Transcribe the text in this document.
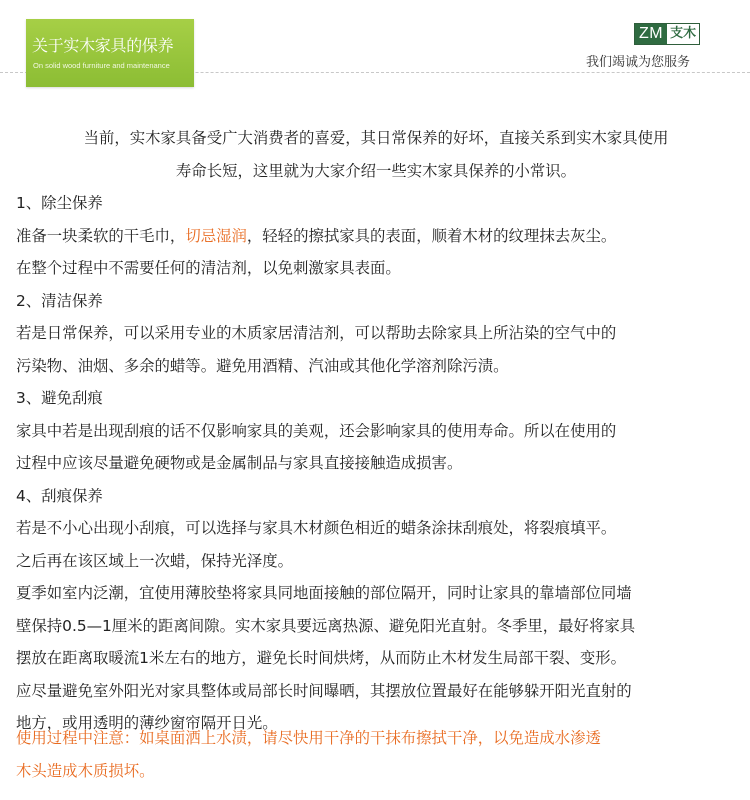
关于实木家具的保养
On solid wood furniture and maintenance
ZM 支木
我们竭诚为您服务
当前，实木家具备受广大消费者的喜爱，其日常保养的好坏，直接关系到实木家具使用
寿命长短，这里就为大家介绍一些实木家具保养的小常识。
1、除尘保养
准备一块柔软的干毛巾，切忌湿润，轻轻的擦拭家具的表面，顺着木材的纹理抹去灰尘。
在整个过程中不需要任何的清洁剂，以免刺激家具表面。
2、清洁保养
若是日常保养，可以采用专业的木质家居清洁剂，可以帮助去除家具上所沾染的空气中的
污染物、油烟、多余的蜡等。避免用酒精、汽油或其他化学溶剂除污渍。
3、避免刮痕
家具中若是出现刮痕的话不仅影响家具的美观，还会影响家具的使用寿命。所以在使用的
过程中应该尽量避免硬物或是金属制品与家具直接接触造成损害。
4、刮痕保养
若是不小心出现小刮痕，可以选择与家具木材颜色相近的蜡条涂抹刮痕处，将裂痕填平。
之后再在该区域上一次蜡，保持光泽度。
夏季如室内泛潮，宜使用薄胶垫将家具同地面接触的部位隔开，同时让家具的靠墙部位同墙
壁保持0.5—1厘米的距离间隙。实木家具要远离热源、避免阳光直射。冬季里，最好将家具
摆放在距离取暖流1米左右的地方，避免长时间烘烤，从而防止木材发生局部干裂、变形。
应尽量避免室外阳光对家具整体或局部长时间曝晒，其摆放位置最好在能够躲开阳光直射的
地方，或用透明的薄纱窗帘隔开日光。
使用过程中注意：如桌面洒上水渍，请尽快用干净的干抹布擦拭干净，以免造成水渗透
木头造成木质损坏。
